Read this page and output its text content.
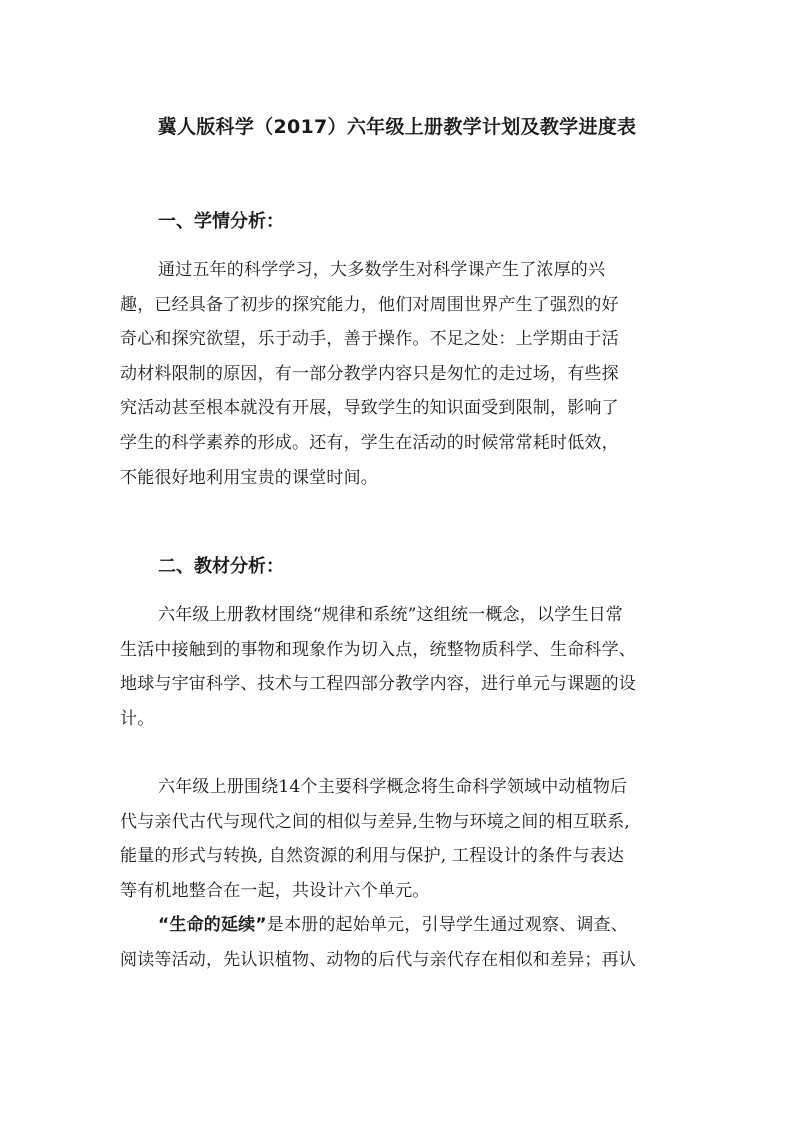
冀人版科学（2017）六年级上册教学计划及教学进度表
一、学情分析：
通过五年的科学学习，大多数学生对科学课产生了浓厚的兴
趣，已经具备了初步的探究能力，他们对周围世界产生了强烈的好
奇心和探究欲望，乐于动手，善于操作。不足之处：上学期由于活
动材料限制的原因，有一部分教学内容只是匆忙的走过场，有些探
究活动甚至根本就没有开展，导致学生的知识面受到限制，影响了
学生的科学素养的形成。还有，学生在活动的时候常常耗时低效，
不能很好地利用宝贵的课堂时间。
二、教材分析：
六年级上册教材围绕“规律和系统”这组统一概念，以学生日常
生活中接触到的事物和现象作为切入点，统整物质科学、生命科学、
地球与宇宙科学、技术与工程四部分教学内容，进行单元与课题的设
计。
六年级上册围绕14个主要科学概念将生命科学领域中动植物后
代与亲代古代与现代之间的相似与差异,生物与环境之间的相互联系,
能量的形式与转换, 自然资源的利用与保护, 工程设计的条件与表达
等有机地整合在一起，共设计六个单元。
“生命的延续”是本册的起始单元，引导学生通过观察、调查、
阅读等活动，先认识植物、动物的后代与亲代存在相似和差异；再认
